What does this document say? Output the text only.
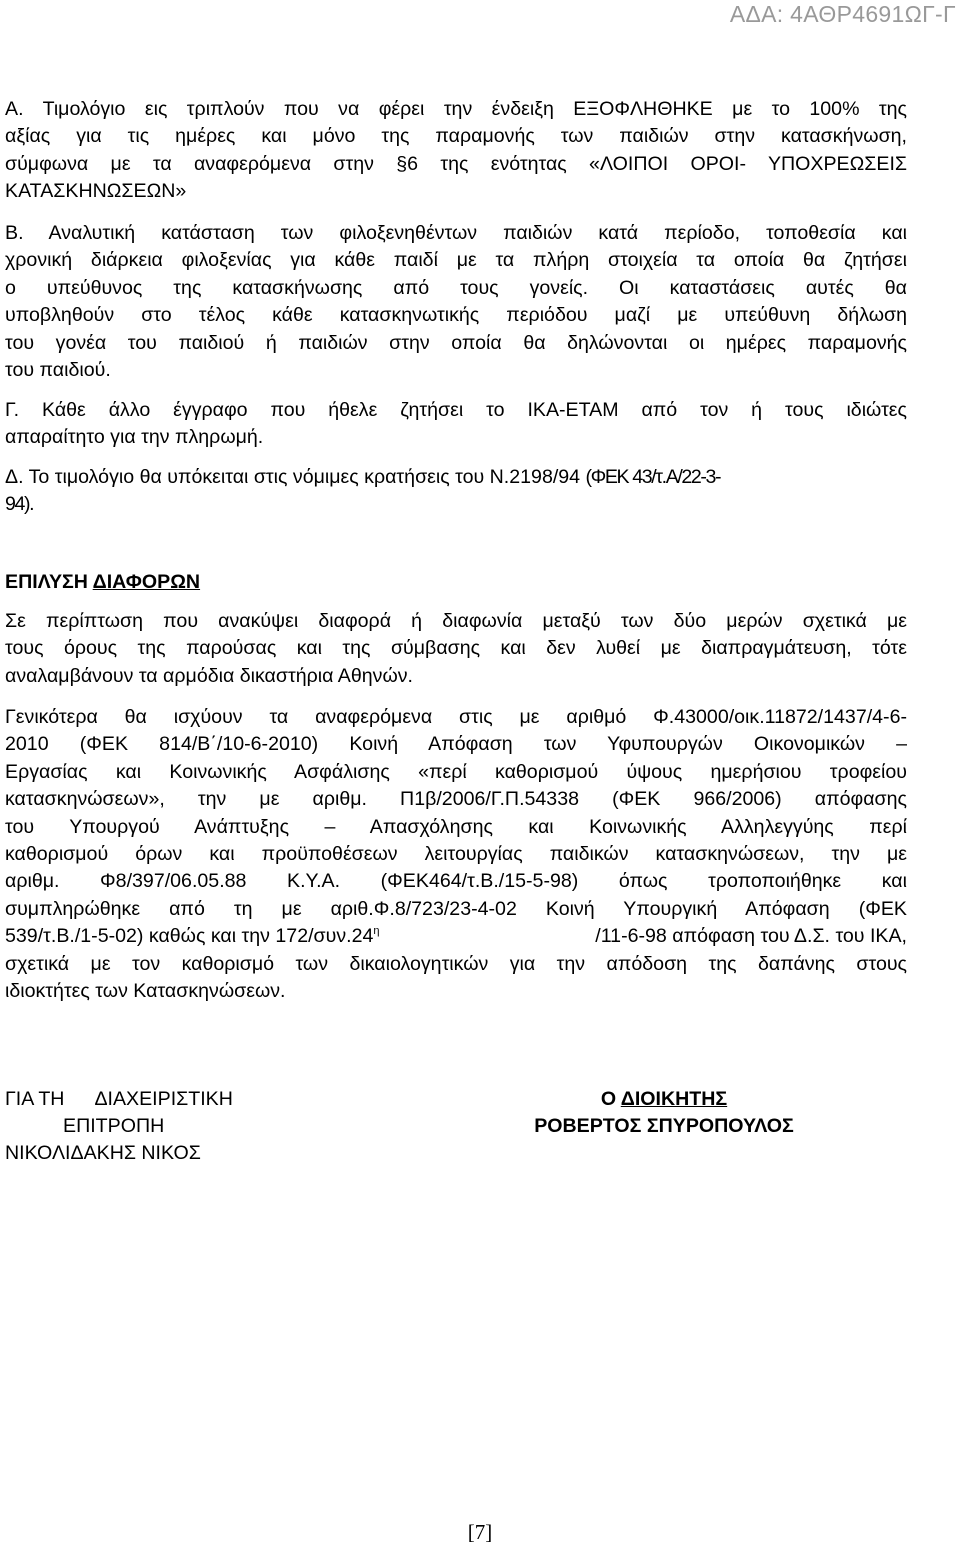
ΑΔΑ: 4ΑΘΡ4691ΩΓ-Γ
Α. Τιμολόγιο εις τριπλούν που να φέρει την ένδειξη ΕΞΟΦΛΗΘΗΚΕ με το 100% της
αξίας για τις ημέρες και μόνο της παραμονής των παιδιών στην κατασκήνωση,
σύμφωνα με τα αναφερόμενα στην §6 της ενότητας «ΛΟΙΠΟΙ ΟΡΟΙ- ΥΠΟΧΡΕΩΣΕΙΣ
ΚΑΤΑΣΚΗΝΩΣΕΩΝ»
Β. Αναλυτική κατάσταση των φιλοξενηθέντων παιδιών κατά περίοδο, τοποθεσία και
χρονική διάρκεια φιλοξενίας για κάθε παιδί με τα πλήρη στοιχεία τα οποία θα ζητήσει
ο υπεύθυνος της κατασκήνωσης από τους γονείς. Οι καταστάσεις αυτές θα
υποβληθούν στο τέλος κάθε κατασκηνωτικής περιόδου μαζί με υπεύθυνη δήλωση
του γονέα του παιδιού ή παιδιών στην οποία θα δηλώνονται οι ημέρες παραμονής
του παιδιού.
Γ. Κάθε άλλο έγγραφο που ήθελε ζητήσει το ΙΚΑ-ΕΤΑΜ από τον ή τους ιδιώτες
απαραίτητο για την πληρωμή.
Δ. Το τιμολόγιο θα υπόκειται στις νόμιμες κρατήσεις του Ν.2198/94 (ΦΕΚ 43/τ.Α/22-3-
94).
ΕΠΙΛΥΣΗ ΔΙΑΦΟΡΩΝ
Σε περίπτωση που ανακύψει διαφορά ή διαφωνία μεταξύ των δύο μερών σχετικά με
τους όρους της παρούσας και της σύμβασης και δεν λυθεί με διαπραγμάτευση, τότε
αναλαμβάνουν τα αρμόδια δικαστήρια Αθηνών.
Γενικότερα θα ισχύουν τα αναφερόμενα στις με αριθμό Φ.43000/οικ.11872/1437/4-6-
2010 (ΦΕΚ 814/Β΄/10-6-2010) Κοινή Απόφαση των Υφυπουργών Οικονομικών –
Εργασίας και Κοινωνικής Ασφάλισης «περί καθορισμού ύψους ημερήσιου τροφείου
κατασκηνώσεων», την με αριθμ. Π1β/2006/Γ.Π.54338 (ΦΕΚ 966/2006) απόφασης
του Υπουργού Ανάπτυξης – Απασχόλησης και Κοινωνικής Αλληλεγγύης περί
καθορισμού όρων και προϋποθέσεων λειτουργίας παιδικών κατασκηνώσεων, την με
αριθμ. Φ8/397/06.05.88 Κ.Υ.Α. (ΦΕΚ464/τ.Β./15-5-98) όπως τροποποιήθηκε και
συμπληρώθηκε από τη με αριθ.Φ.8/723/23-4-02 Κοινή Υπουργική Απόφαση (ΦΕΚ
539/τ.Β./1-5-02) καθώς και την $172/\sigma\upsilon\nu.24^\eta$	/11-6-98 απόφαση του Δ.Σ. του ΙΚΑ,
σχετικά με τον καθορισμό των δικαιολογητικών για την απόδοση της δαπάνης στους
ιδιοκτήτες των Κατασκηνώσεων.
ΓΙΑ ΤΗ ΔΙΑΧΕΙΡΙΣΤΙΚΗ
ΕΠΙΤΡΟΠΗ
ΝΙΚΟΛΙΔΑΚΗΣ ΝΙΚΟΣ
Ο ΔΙΟΙΚΗΤΗΣ
ΡΟΒΕΡΤΟΣ ΣΠΥΡΟΠΟΥΛΟΣ
[7]
